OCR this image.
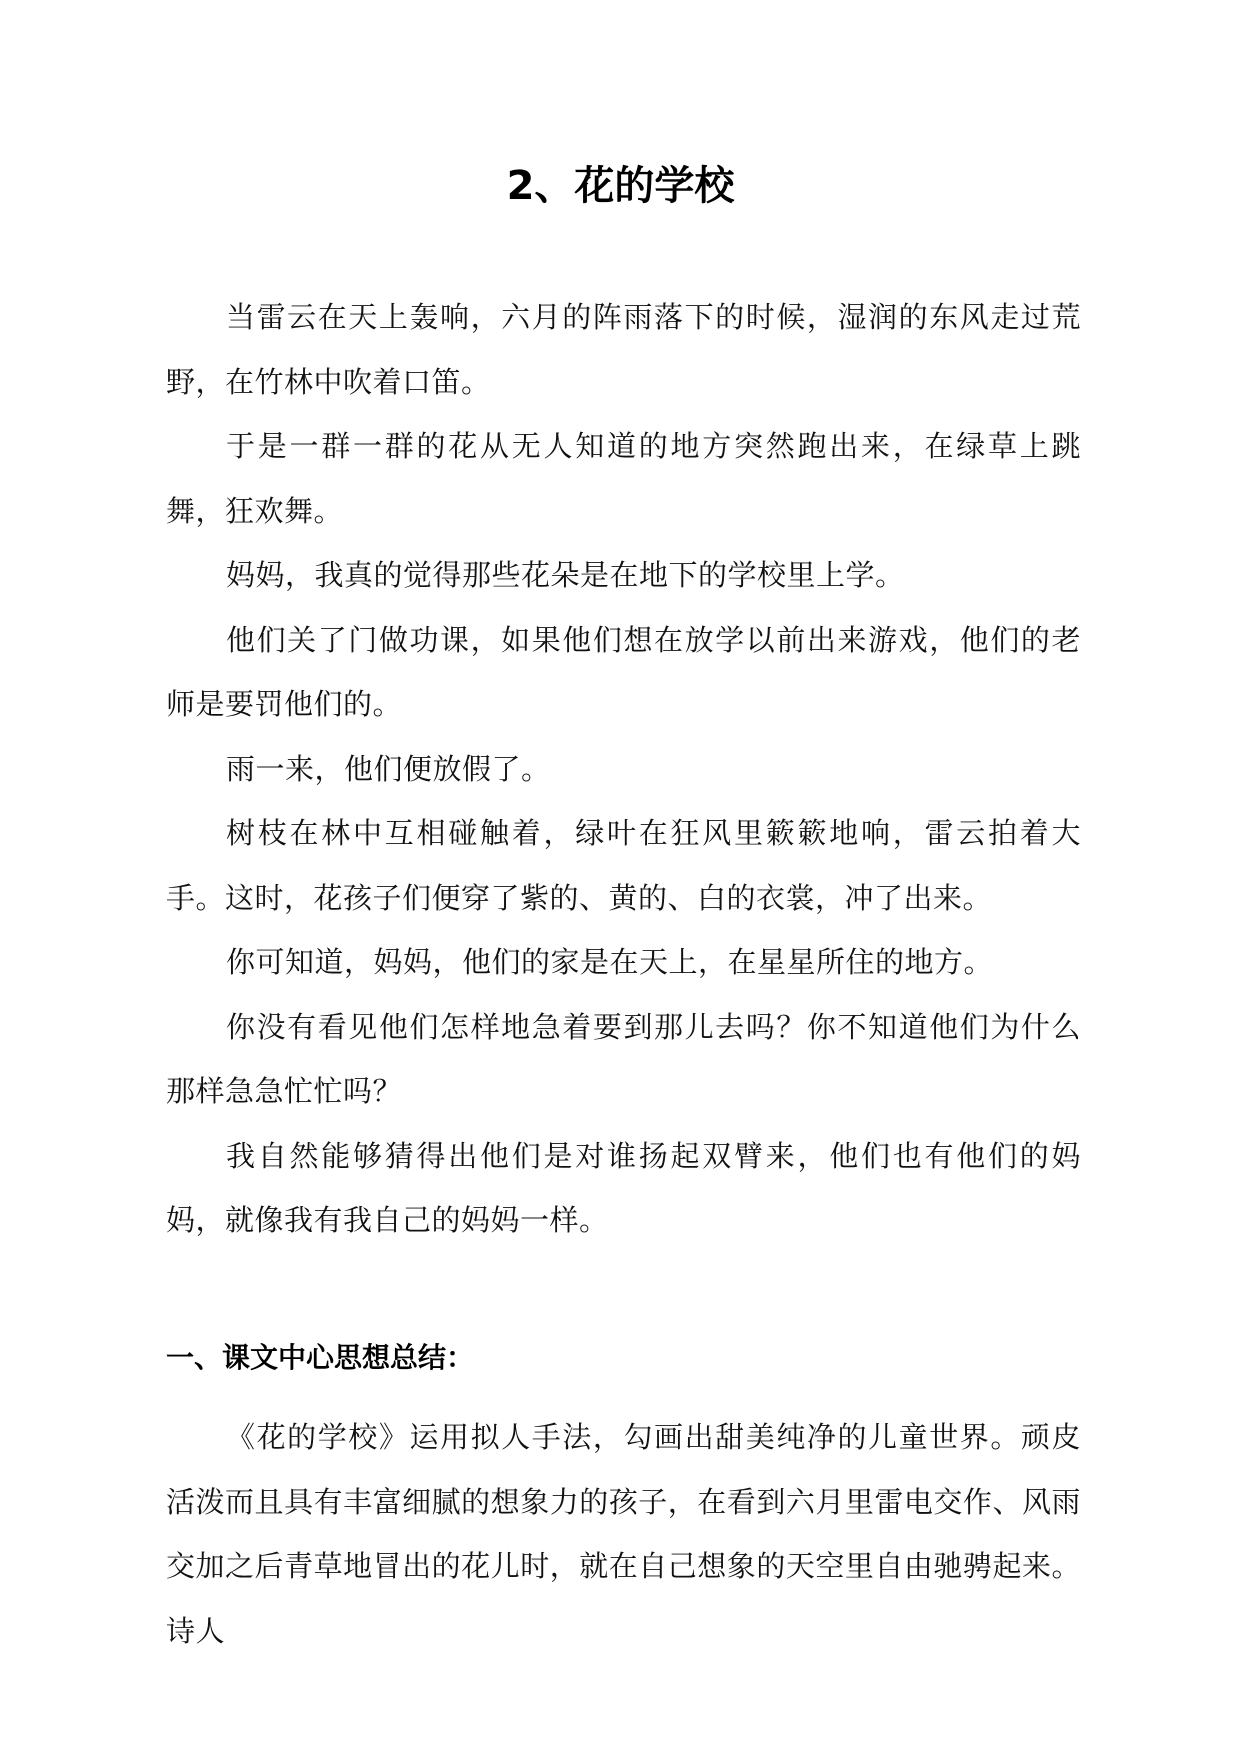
2、花的学校

当雷云在天上轰响，六月的阵雨落下的时候，湿润的东风走过荒野，在竹林中吹着口笛。

于是一群一群的花从无人知道的地方突然跑出来，在绿草上跳舞，狂欢舞。

妈妈，我真的觉得那些花朵是在地下的学校里上学。

他们关了门做功课，如果他们想在放学以前出来游戏，他们的老师是要罚他们的。

雨一来，他们便放假了。

树枝在林中互相碰触着，绿叶在狂风里簌簌地响，雷云拍着大手。这时，花孩子们便穿了紫的、黄的、白的衣裳，冲了出来。

你可知道，妈妈，他们的家是在天上，在星星所住的地方。

你没有看见他们怎样地急着要到那儿去吗？你不知道他们为什么那样急急忙忙吗？

我自然能够猜得出他们是对谁扬起双臂来，他们也有他们的妈妈，就像我有我自己的妈妈一样。

一、课文中心思想总结：

《花的学校》运用拟人手法，勾画出甜美纯净的儿童世界。顽皮活泼而且具有丰富细腻的想象力的孩子，在看到六月里雷电交作、风雨交加之后青草地冒出的花儿时，就在自己想象的天空里自由驰骋起来。诗人
